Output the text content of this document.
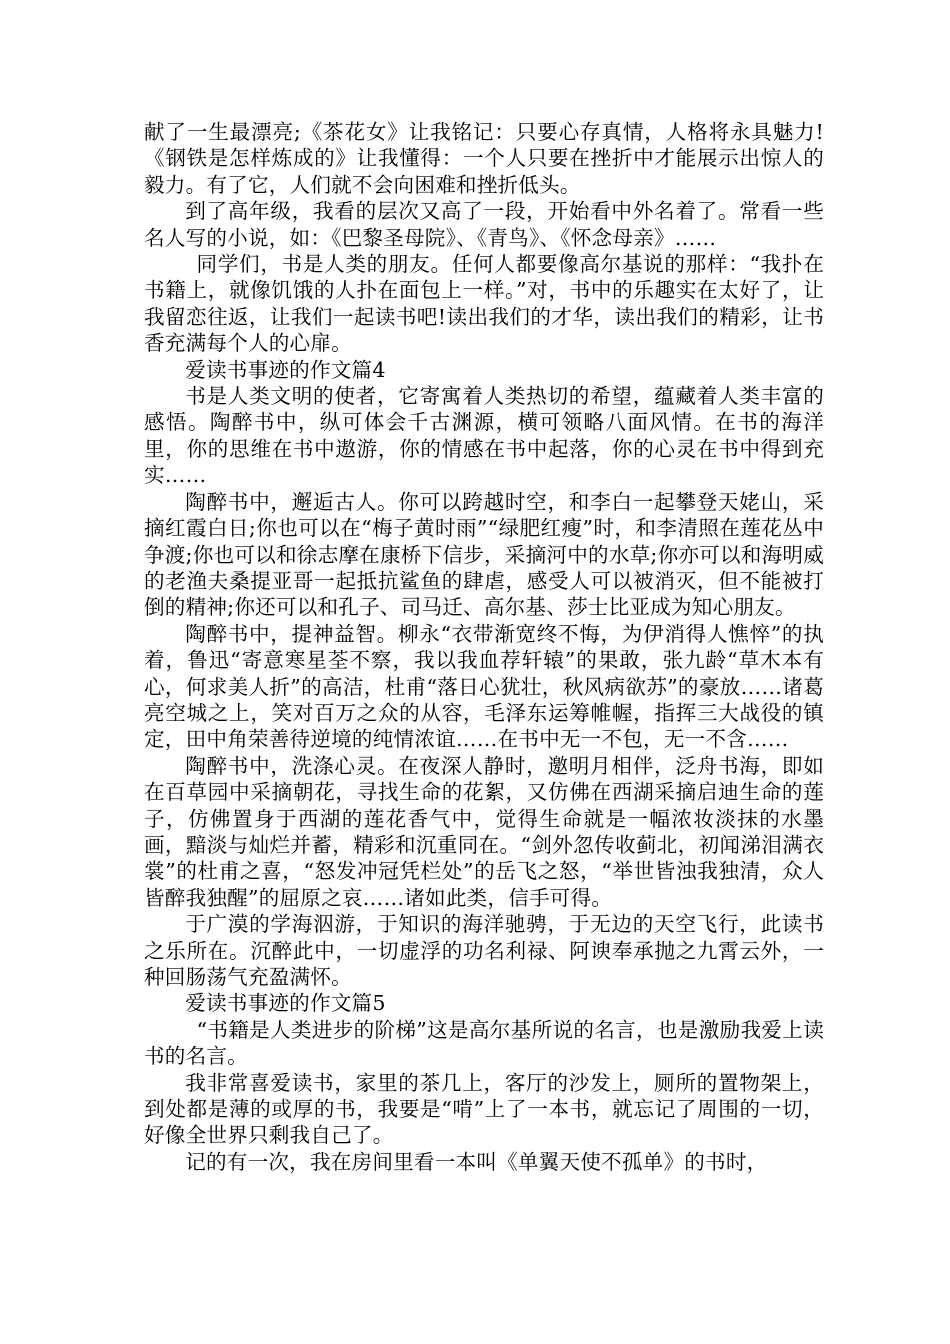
献了一生最漂亮;《茶花女》让我铭记：只要心存真情，人格将永具魅力!《钢铁是怎样炼成的》让我懂得：一个人只要在挫折中才能展示出惊人的毅力。有了它，人们就不会向困难和挫折低头。

到了高年级，我看的层次又高了一段，开始看中外名着了。常看一些名人写的小说，如：《巴黎圣母院》、《青鸟》、《怀念母亲》……

同学们，书是人类的朋友。任何人都要像高尔基说的那样：“我扑在书籍上，就像饥饿的人扑在面包上一样。”对，书中的乐趣实在太好了，让我留恋往返，让我们一起读书吧!读出我们的才华，读出我们的精彩，让书香充满每个人的心扉。

爱读书事迹的作文篇4

书是人类文明的使者，它寄寓着人类热切的希望，蕴藏着人类丰富的感悟。陶醉书中，纵可体会千古渊源，横可领略八面风情。在书的海洋里，你的思维在书中遨游，你的情感在书中起落，你的心灵在书中得到充实……

陶醉书中，邂逅古人。你可以跨越时空，和李白一起攀登天姥山，采摘红霞白日;你也可以在“梅子黄时雨”“绿肥红瘦”时，和李清照在莲花丛中争渡;你也可以和徐志摩在康桥下信步，采摘河中的水草;你亦可以和海明威的老渔夫桑提亚哥一起抵抗鲨鱼的肆虐，感受人可以被消灭，但不能被打倒的精神;你还可以和孔子、司马迁、高尔基、莎士比亚成为知心朋友。

陶醉书中，提神益智。柳永“衣带渐宽终不悔，为伊消得人憔悴”的执着，鲁迅“寄意寒星荃不察，我以我血荐轩辕”的果敢，张九龄“草木本有心，何求美人折”的高洁，杜甫“落日心犹壮，秋风病欲苏”的豪放……诸葛亮空城之上，笑对百万之众的从容，毛泽东运筹帷幄，指挥三大战役的镇定，田中角荣善待逆境的纯情浓谊……在书中无一不包，无一不含……

陶醉书中，洗涤心灵。在夜深人静时，邀明月相伴，泛舟书海，即如在百草园中采摘朝花，寻找生命的花絮，又仿佛在西湖采摘启迪生命的莲子，仿佛置身于西湖的莲花香气中，觉得生命就是一幅浓妆淡抹的水墨画，黯淡与灿烂并蓄，精彩和沉重同在。“剑外忽传收蓟北，初闻涕泪满衣裳”的杜甫之喜，“怒发冲冠凭栏处”的岳飞之怒，“举世皆浊我独清，众人皆醉我独醒”的屈原之哀……诸如此类，信手可得。

于广漠的学海泅游，于知识的海洋驰骋，于无边的天空飞行，此读书之乐所在。沉醉此中，一切虚浮的功名利禄、阿谀奉承抛之九霄云外，一种回肠荡气充盈满怀。

爱读书事迹的作文篇5

“书籍是人类进步的阶梯”这是高尔基所说的名言，也是激励我爱上读书的名言。

我非常喜爱读书，家里的茶几上，客厅的沙发上，厕所的置物架上，到处都是薄的或厚的书，我要是“啃”上了一本书，就忘记了周围的一切，好像全世界只剩我自己了。

记的有一次，我在房间里看一本叫《单翼天使不孤单》的书时，
